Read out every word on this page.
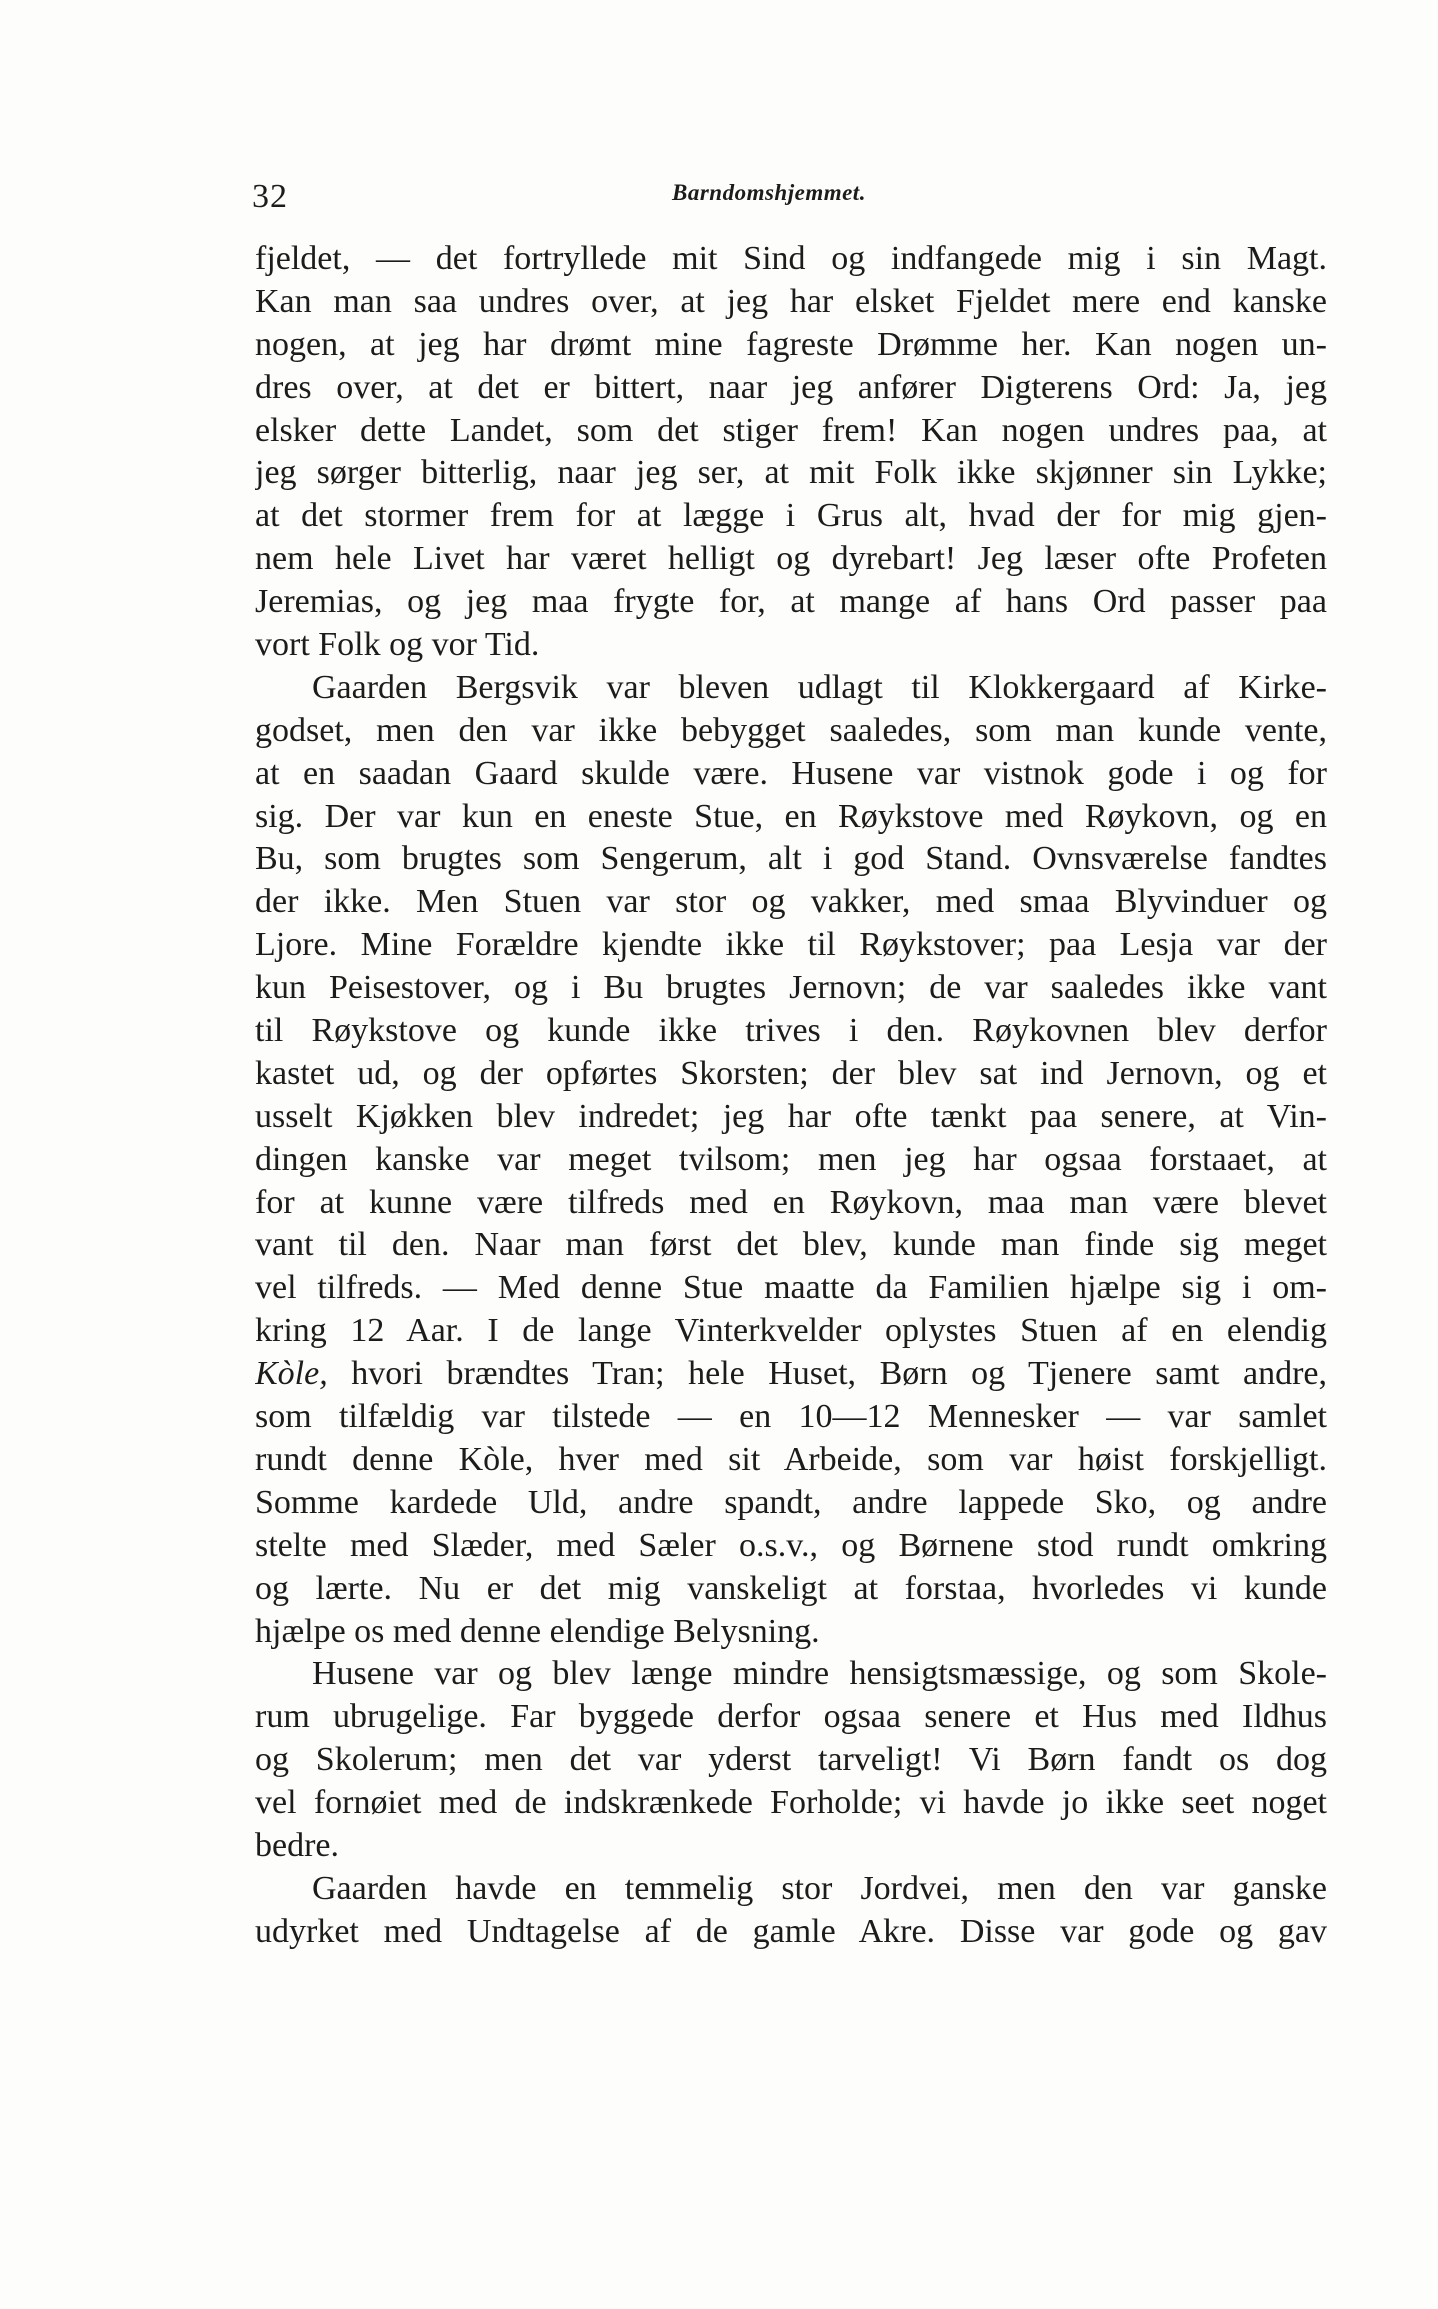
32	Barndomshjemmet.
fjeldet, — det fortryllede mit Sind og indfangede mig i sin Magt.
Kan man saa undres over, at jeg har elsket Fjeldet mere end kanske
nogen, at jeg har drømt mine fagreste Drømme her. Kan nogen un-
dres over, at det er bittert, naar jeg anfører Digterens Ord: Ja, jeg
elsker dette Landet, som det stiger frem! Kan nogen undres paa, at
jeg sørger bitterlig, naar jeg ser, at mit Folk ikke skjønner sin Lykke;
at det stormer frem for at lægge i Grus alt, hvad der for mig gjen-
nem hele Livet har været helligt og dyrebart! Jeg læser ofte Profeten
Jeremias, og jeg maa frygte for, at mange af hans Ord passer paa
vort Folk og vor Tid.
Gaarden Bergsvik var bleven udlagt til Klokkergaard af Kirke-
godset, men den var ikke bebygget saaledes, som man kunde vente,
at en saadan Gaard skulde være. Husene var vistnok gode i og for
sig. Der var kun en eneste Stue, en Røykstove med Røykovn, og en
Bu, som brugtes som Sengerum, alt i god Stand. Ovnsværelse fandtes
der ikke. Men Stuen var stor og vakker, med smaa Blyvinduer og
Ljore. Mine Forældre kjendte ikke til Røykstover; paa Lesja var der
kun Peisestover, og i Bu brugtes Jernovn; de var saaledes ikke vant
til Røykstove og kunde ikke trives i den. Røykovnen blev derfor
kastet ud, og der opførtes Skorsten; der blev sat ind Jernovn, og et
usselt Kjøkken blev indredet; jeg har ofte tænkt paa senere, at Vin-
dingen kanske var meget tvilsom; men jeg har ogsaa forstaaet, at
for at kunne være tilfreds med en Røykovn, maa man være blevet
vant til den. Naar man først det blev, kunde man finde sig meget
vel tilfreds. — Med denne Stue maatte da Familien hjælpe sig i om-
kring 12 Aar. I de lange Vinterkvelder oplystes Stuen af en elendig
Kòle, hvori brændtes Tran; hele Huset, Børn og Tjenere samt andre,
som tilfældig var tilstede — en 10—12 Mennesker — var samlet
rundt denne Kòle, hver med sit Arbeide, som var høist forskjelligt.
Somme kardede Uld, andre spandt, andre lappede Sko, og andre
stelte med Slæder, med Sæler o.s.v., og Børnene stod rundt omkring
og lærte. Nu er det mig vanskeligt at forstaa, hvorledes vi kunde
hjælpe os med denne elendige Belysning.
Husene var og blev længe mindre hensigtsmæssige, og som Skole-
rum ubrugelige. Far byggede derfor ogsaa senere et Hus med Ildhus
og Skolerum; men det var yderst tarveligt! Vi Børn fandt os dog
vel fornøiet med de indskrænkede Forholde; vi havde jo ikke seet noget
bedre.
Gaarden havde en temmelig stor Jordvei, men den var ganske
udyrket med Undtagelse af de gamle Akre. Disse var gode og gav
